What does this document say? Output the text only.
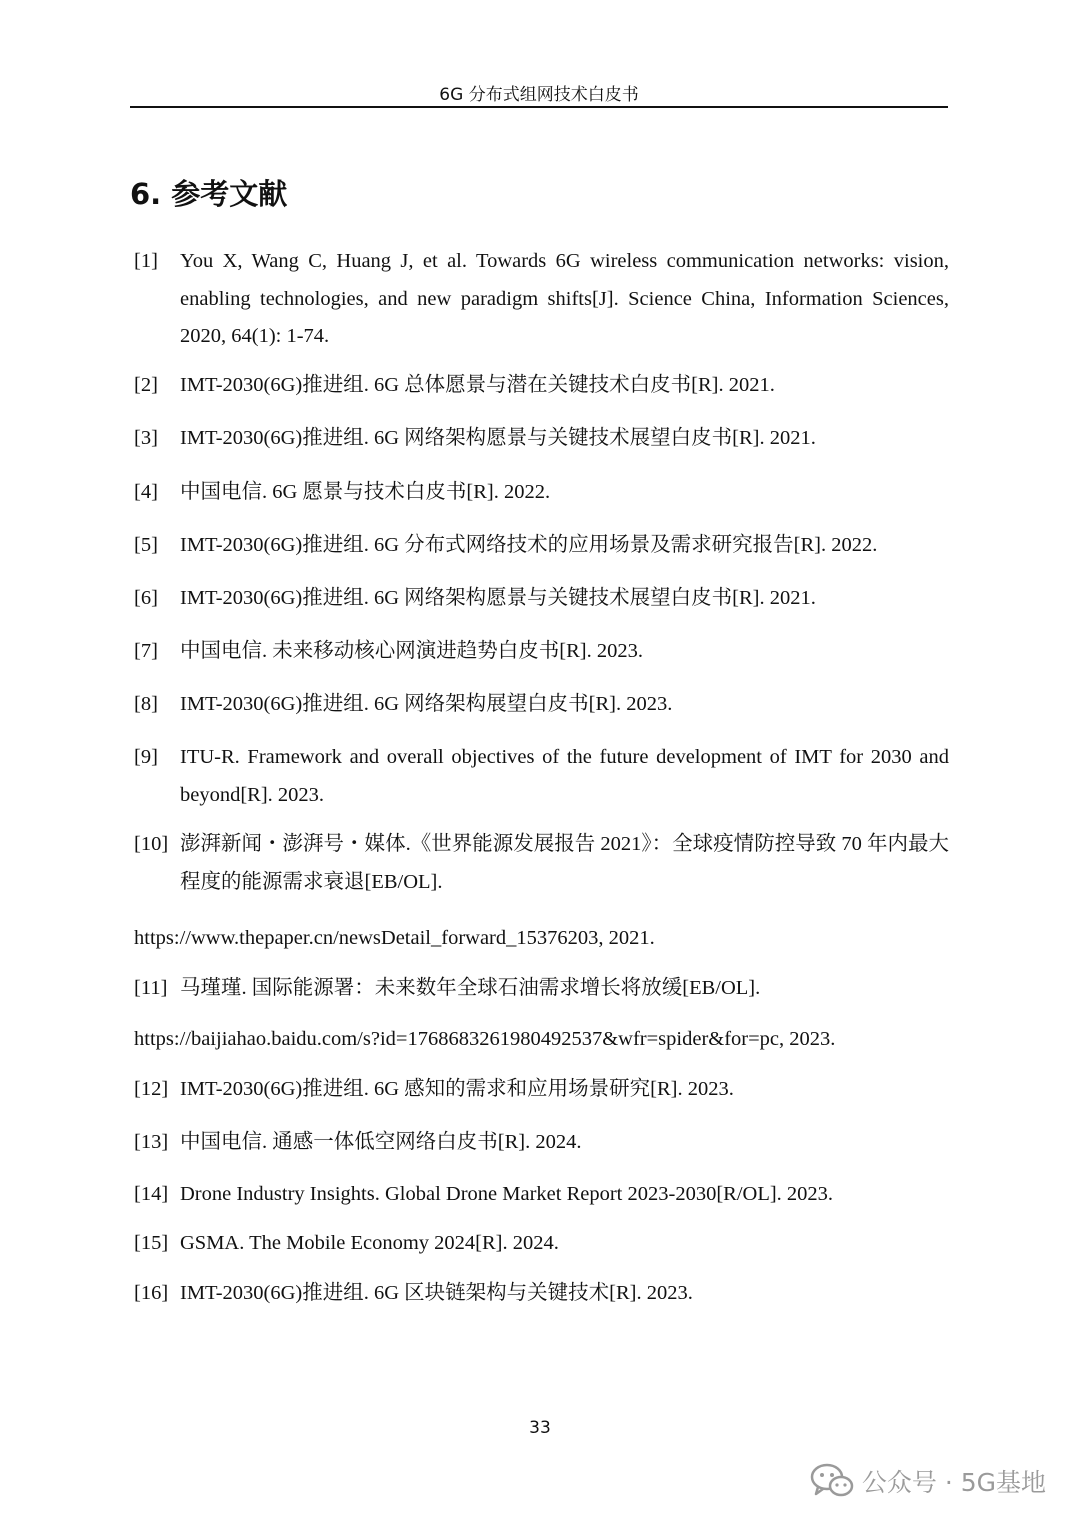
6G 分布式组网技术白皮书
6. 参考文献
[1]	You X, Wang C, Huang J, et al. Towards 6G wireless communication networks: vision, enabling technologies, and new paradigm shifts[J]. Science China, Information Sciences, 2020, 64(1): 1-74.
[2]	IMT-2030(6G)推进组. 6G 总体愿景与潜在关键技术白皮书[R]. 2021.
[3]	IMT-2030(6G)推进组. 6G 网络架构愿景与关键技术展望白皮书[R]. 2021.
[4]	中国电信. 6G 愿景与技术白皮书[R]. 2022.
[5]	IMT-2030(6G)推进组. 6G 分布式网络技术的应用场景及需求研究报告[R]. 2022.
[6]	IMT-2030(6G)推进组. 6G 网络架构愿景与关键技术展望白皮书[R]. 2021.
[7]	中国电信. 未来移动核心网演进趋势白皮书[R]. 2023.
[8]	IMT-2030(6G)推进组. 6G 网络架构展望白皮书[R]. 2023.
[9]	ITU-R. Framework and overall objectives of the future development of IMT for 2030 and beyond[R]. 2023.
[10] 澎湃新闻・澎湃号・媒体.《世界能源发展报告 2021》：全球疫情防控导致 70 年内最大程度的能源需求衰退[EB/OL].
https://www.thepaper.cn/newsDetail_forward_15376203, 2021.
[11] 马瑾瑾. 国际能源署：未来数年全球石油需求增长将放缓[EB/OL].
https://baijiahao.baidu.com/s?id=1768683261980492537&wfr=spider&for=pc, 2023.
[12] IMT-2030(6G)推进组. 6G 感知的需求和应用场景研究[R]. 2023.
[13] 中国电信. 通感一体低空网络白皮书[R]. 2024.
[14] Drone Industry Insights. Global Drone Market Report 2023-2030[R/OL]. 2023.
[15] GSMA. The Mobile Economy 2024[R]. 2024.
[16] IMT-2030(6G)推进组. 6G 区块链架构与关键技术[R]. 2023.
33
公众号 · 5G基地
